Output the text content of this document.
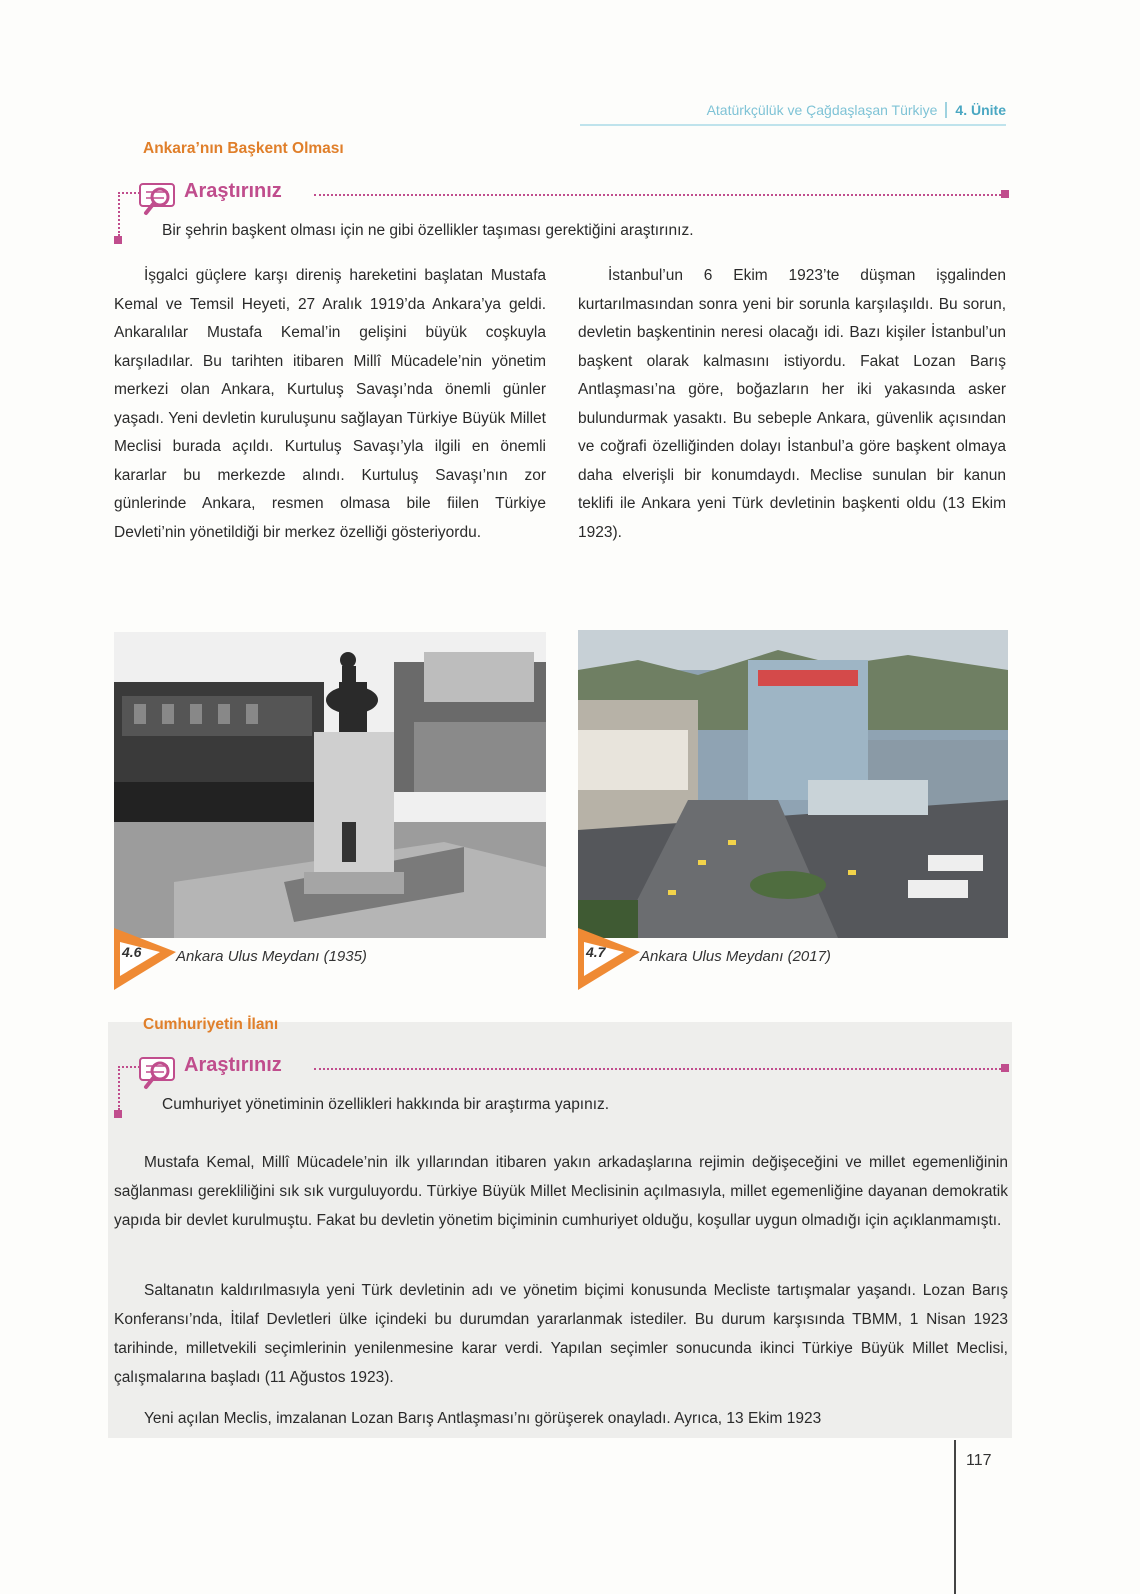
Atatürkçülük ve Çağdaşlaşan Türkiye 4. Ünite
Ankara’nın Başkent Olması
Araştırınız
Bir şehrin başkent olması için ne gibi özellikler taşıması gerektiğini araştırınız.
İşgalci güçlere karşı direniş hareketini başlatan Mustafa Kemal ve Temsil Heyeti, 27 Aralık 1919’da Ankara’ya geldi. Ankaralılar Mustafa Kemal’in gelişini büyük coşkuyla karşıladılar. Bu tarihten itibaren Millî Mücadele’nin yönetim merkezi olan Ankara, Kurtuluş Savaşı’nda önemli günler yaşadı. Yeni devletin kuruluşunu sağlayan Türkiye Büyük Millet Meclisi burada açıldı. Kurtuluş Savaşı’yla ilgili en önemli kararlar bu merkezde alındı. Kurtuluş Savaşı’nın zor günlerinde Ankara, resmen olmasa bile fiilen Türkiye Devleti’nin yönetildiği bir merkez özelliği gösteriyordu.
İstanbul’un 6 Ekim 1923’te düşman işgalinden kurtarılmasından sonra yeni bir sorunla karşılaşıldı. Bu sorun, devletin başkentinin neresi olacağı idi. Bazı kişiler İstanbul’un başkent olarak kalmasını istiyordu. Fakat Lozan Barış Antlaşması’na göre, boğazların her iki yakasında asker bulundurmak yasaktı. Bu sebeple Ankara, güvenlik açısından ve coğrafi özelliğinden dolayı İstanbul’a göre başkent olmaya daha elverişli bir konumdaydı. Meclise sunulan bir kanun teklifi ile Ankara yeni Türk devletinin başkenti oldu (13 Ekim 1923).
4.6 Ankara Ulus Meydanı (1935)	4.7 Ankara Ulus Meydanı (2017)
Cumhuriyetin İlanı
Araştırınız
Cumhuriyet yönetiminin özellikleri hakkında bir araştırma yapınız.
Mustafa Kemal, Millî Mücadele’nin ilk yıllarından itibaren yakın arkadaşlarına rejimin değişeceğini ve millet egemenliğinin sağlanması gerekliliğini sık sık vurguluyordu. Türkiye Büyük Millet Meclisinin açılmasıyla, millet egemenliğine dayanan demokratik yapıda bir devlet kurulmuştu. Fakat bu devletin yönetim biçiminin cumhuriyet olduğu, koşullar uygun olmadığı için açıklanmamıştı.
Saltanatın kaldırılmasıyla yeni Türk devletinin adı ve yönetim biçimi konusunda Mecliste tartışmalar yaşandı. Lozan Barış Konferansı’nda, İtilaf Devletleri ülke içindeki bu durumdan yararlanmak istediler. Bu durum karşısında TBMM, 1 Nisan 1923 tarihinde, milletvekili seçimlerinin yenilenmesine karar verdi. Yapılan seçimler sonucunda ikinci Türkiye Büyük Millet Meclisi, çalışmalarına başladı (11 Ağustos 1923).
Yeni açılan Meclis, imzalanan Lozan Barış Antlaşması’nı görüşerek onayladı. Ayrıca, 13 Ekim 1923
117
